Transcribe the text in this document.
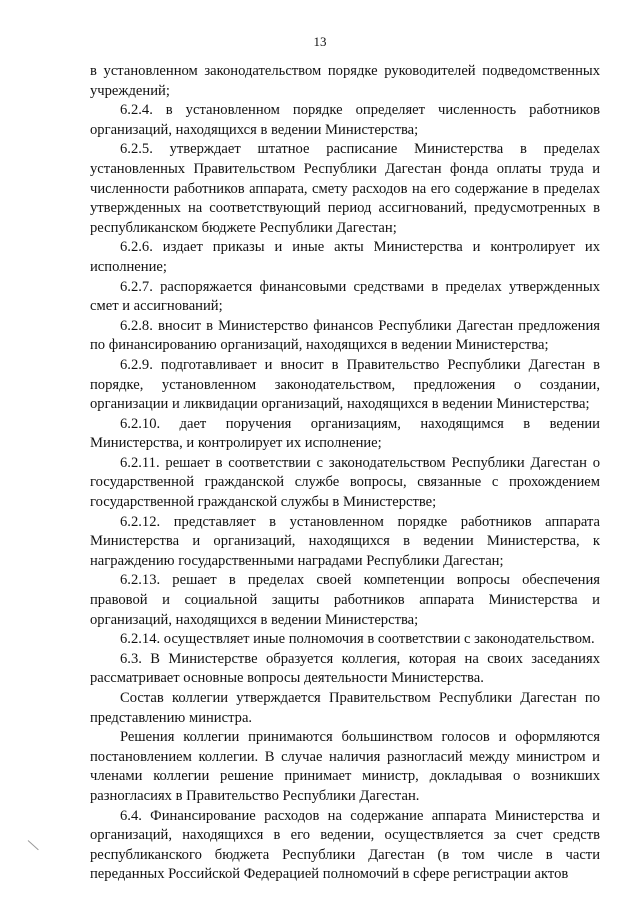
13

в установленном законодательством порядке руководителей подведомственных учреждений;

6.2.4. в установленном порядке определяет численность работников организаций, находящихся в ведении Министерства;

6.2.5. утверждает штатное расписание Министерства в пределах установленных Правительством Республики Дагестан фонда оплаты труда и численности работников аппарата, смету расходов на его содержание в пределах утвержденных на соответствующий период ассигнований, предусмотренных в республиканском бюджете Республики Дагестан;

6.2.6. издает приказы и иные акты Министерства и контролирует их исполнение;

6.2.7. распоряжается финансовыми средствами в пределах утвержденных смет и ассигнований;

6.2.8. вносит в Министерство финансов Республики Дагестан предложения по финансированию организаций, находящихся в ведении Министерства;

6.2.9. подготавливает и вносит в Правительство Республики Дагестан в порядке, установленном законодательством, предложения о создании, организации и ликвидации организаций, находящихся в ведении Министерства;

6.2.10. дает поручения организациям, находящимся в ведении Министерства, и контролирует их исполнение;

6.2.11. решает в соответствии с законодательством Республики Дагестан о государственной гражданской службе вопросы, связанные с прохождением государственной гражданской службы в Министерстве;

6.2.12. представляет в установленном порядке работников аппарата Министерства и организаций, находящихся в ведении Министерства, к награждению государственными наградами Республики Дагестан;

6.2.13. решает в пределах своей компетенции вопросы обеспечения правовой и социальной защиты работников аппарата Министерства и организаций, находящихся в ведении Министерства;

6.2.14. осуществляет иные полномочия в соответствии с законодательством.

6.3. В Министерстве образуется коллегия, которая на своих заседаниях рассматривает основные вопросы деятельности Министерства.

Состав коллегии утверждается Правительством Республики Дагестан по представлению министра.

Решения коллегии принимаются большинством голосов и оформляются постановлением коллегии. В случае наличия разногласий между министром и членами коллегии решение принимает министр, докладывая о возникших разногласиях в Правительство Республики Дагестан.

6.4. Финансирование расходов на содержание аппарата Министерства и организаций, находящихся в его ведении, осуществляется за счет средств республиканского бюджета Республики Дагестан (в том числе в части переданных Российской Федерацией полномочий в сфере регистрации актов
